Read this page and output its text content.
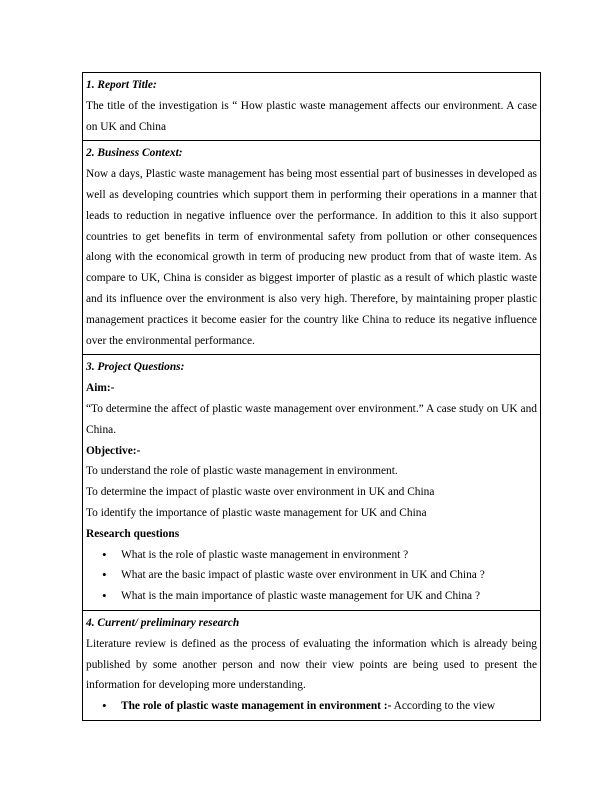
1. Report Title:

The title of the investigation is “ How plastic waste management affects our environment. A case on UK and China

2. Business Context:

Now a days, Plastic waste management has being most essential part of businesses in developed as well as developing countries which support them in performing their operations in a manner that leads to reduction in negative influence over the performance. In addition to this it also support countries to get benefits in term of environmental safety from pollution or other consequences along with the economical growth in term of producing new product from that of waste item. As compare to UK, China is consider as biggest importer of plastic as a result of which plastic waste and its influence over the environment is also very high. Therefore, by maintaining proper plastic management practices it become easier for the country like China to reduce its negative influence over the environmental performance.

3. Project Questions:
Aim:-

“To determine the affect of plastic waste management over environment.” A case study on UK and China.

Objective:-

To understand the role of plastic waste management in environment.

To determine the impact of plastic waste over environment in UK and China

To identify the importance of plastic waste management for UK and China

Research questions
• What is the role of plastic waste management in environment ?
• What are the basic impact of plastic waste over environment in UK and China ?
• What is the main importance of plastic waste management for UK and China ?

4. Current/ preliminary research

Literature review is defined as the process of evaluating the information which is already being published by some another person and now their view points are being used to present the information for developing more understanding.

• The role of plastic waste management in environment :- According to the view
